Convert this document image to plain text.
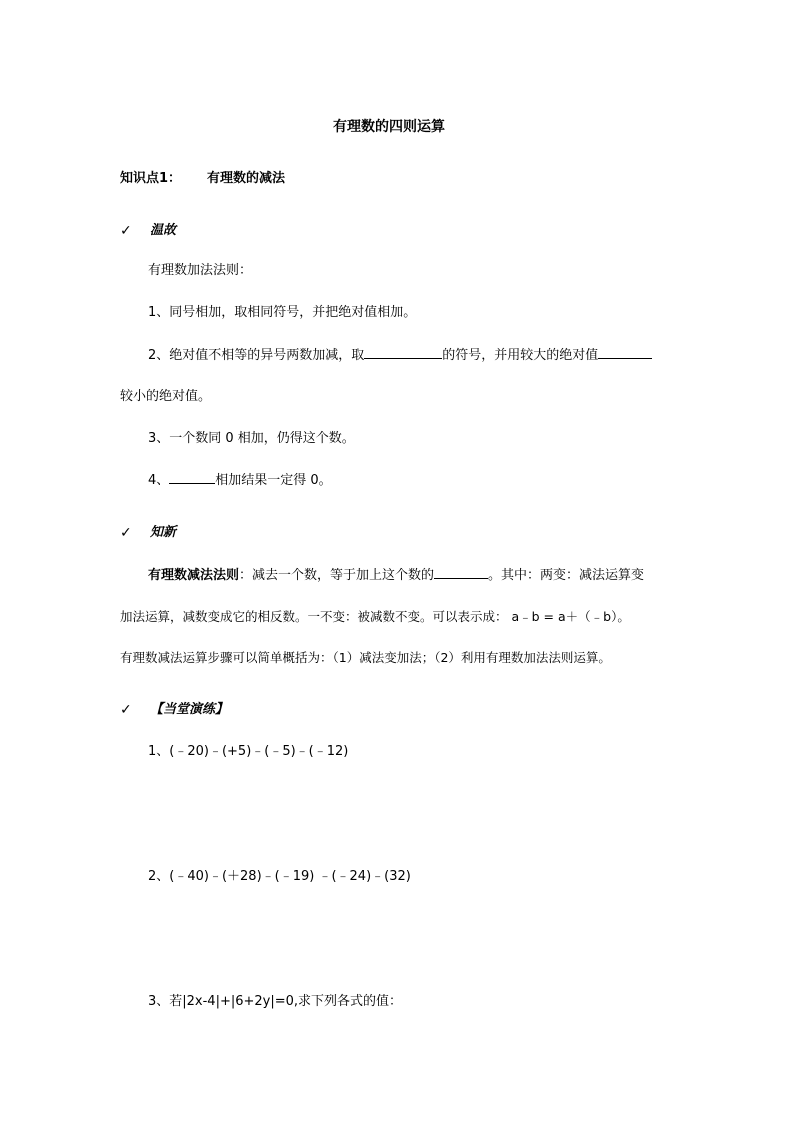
有理数的四则运算
知识点1： 有理数的减法
✓ 温故
有理数加法法则：
1、同号相加，取相同符号，并把绝对值相加。
2、绝对值不相等的异号两数加减，取	的符号，并用较大的绝对值
较小的绝对值。
3、一个数同 0 相加，仍得这个数。
4、	相加结果一定得 0。
✓ 知新
有理数减法法则：减去一个数，等于加上这个数的	。其中：两变：减法运算变
加法运算，减数变成它的相反数。一不变：被减数不变。可以表示成： a﹣b = a＋（﹣b）。
有理数减法运算步骤可以简单概括为：（1）减法变加法；（2）利用有理数加法法则运算。
✓ 【当堂演练】
1、(﹣20)﹣(+5)﹣(﹣5)﹣(﹣12)
2、(﹣40)﹣(＋28)﹣(﹣19) ﹣(﹣24)﹣(32)
3、若|2x-4|+|6+2y|=0,求下列各式的值：
